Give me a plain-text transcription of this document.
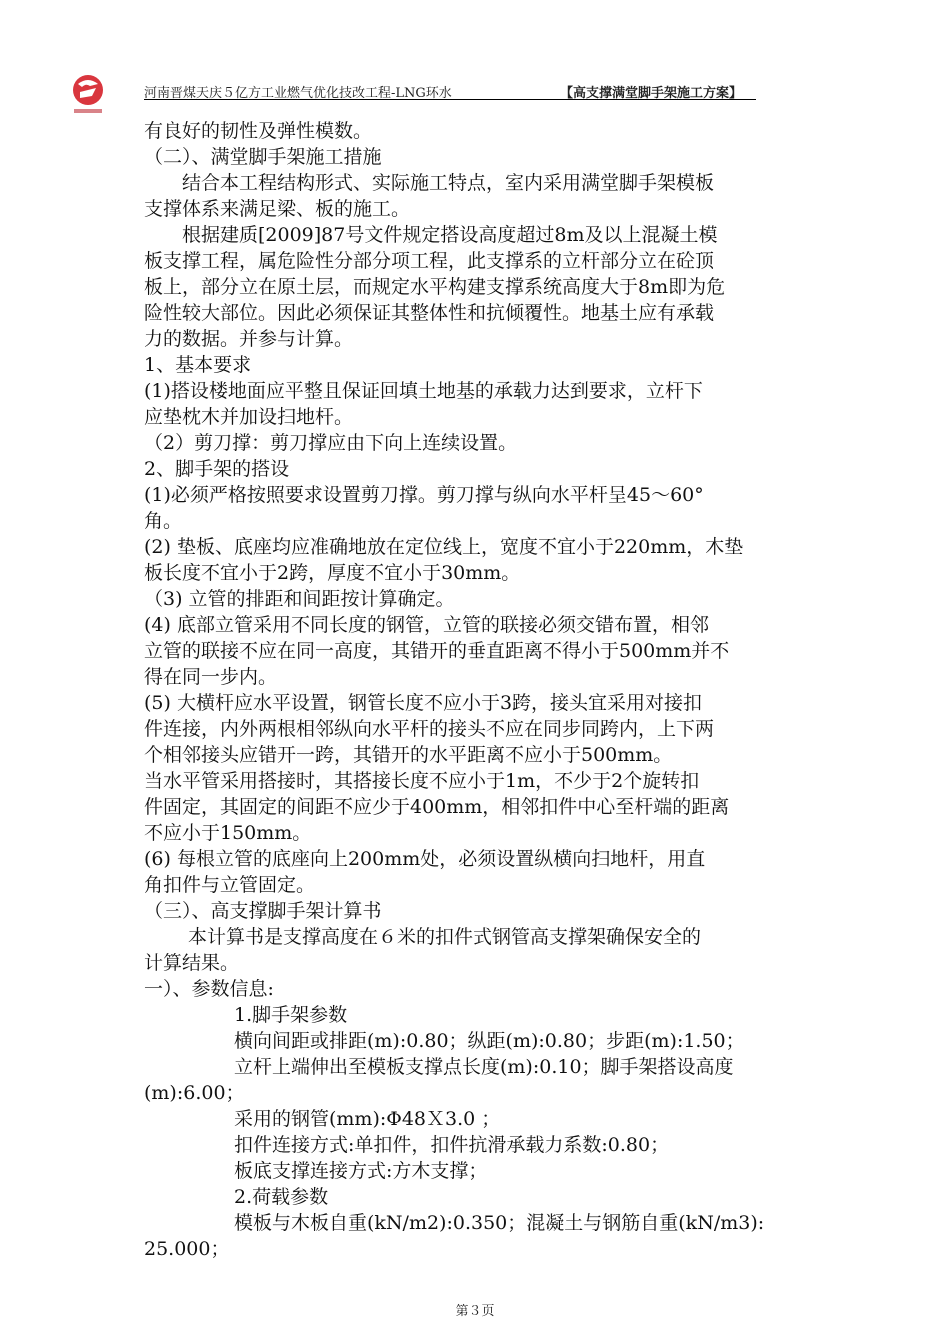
河南晋煤天庆５亿方工业燃气优化技改工程-LNG环水	【高支撑满堂脚手架施工方案】
有良好的韧性及弹性模数。
（二）、满堂脚手架施工措施
　　结合本工程结构形式、实际施工特点，室内采用满堂脚手架模板
支撑体系来满足梁、板的施工。
　　根据建质[2009]87号文件规定搭设高度超过8m及以上混凝土模
板支撑工程，属危险性分部分项工程，此支撑系的立杆部分立在砼顶
板上，部分立在原土层，而规定水平构建支撑系统高度大于8m即为危
险性较大部位。因此必须保证其整体性和抗倾覆性。地基土应有承载
力的数据。并参与计算。
1、基本要求
(1)搭设楼地面应平整且保证回填土地基的承载力达到要求，立杆下
应垫枕木并加设扫地杆。
（2）剪刀撑：剪刀撑应由下向上连续设置。
2、脚手架的搭设
(1)必须严格按照要求设置剪刀撑。剪刀撑与纵向水平杆呈45～60°
角。
(2) 垫板、底座均应准确地放在定位线上，宽度不宜小于220mm，木垫
板长度不宜小于2跨，厚度不宜小于30mm。
（3) 立管的排距和间距按计算确定。
(4) 底部立管采用不同长度的钢管，立管的联接必须交错布置，相邻
立管的联接不应在同一高度，其错开的垂直距离不得小于500mm并不
得在同一步内。
(5) 大横杆应水平设置，钢管长度不应小于3跨，接头宜采用对接扣
件连接，内外两根相邻纵向水平杆的接头不应在同步同跨内，上下两
个相邻接头应错开一跨，其错开的水平距离不应小于500mm。
当水平管采用搭接时，其搭接长度不应小于1m，不少于2个旋转扣
件固定，其固定的间距不应少于400mm，相邻扣件中心至杆端的距离
不应小于150mm。
(6) 每根立管的底座向上200mm处，必须设置纵横向扫地杆，用直
角扣件与立管固定。
（三）、高支撑脚手架计算书
　　 本计算书是支撑高度在６米的扣件式钢管高支撑架确保安全的
计算结果。
一）、参数信息:
1.脚手架参数
横向间距或排距(m):0.80；纵距(m):0.80；步距(m):1.50；
立杆上端伸出至模板支撑点长度(m):0.10；脚手架搭设高度
(m):6.00；
采用的钢管(mm):Φ48Ｘ3.0 ；
扣件连接方式:单扣件，扣件抗滑承载力系数:0.80；
板底支撑连接方式:方木支撑；
2.荷载参数
模板与木板自重(kN/m2):0.350；混凝土与钢筋自重(kN/m3):
25.000；
第３页
